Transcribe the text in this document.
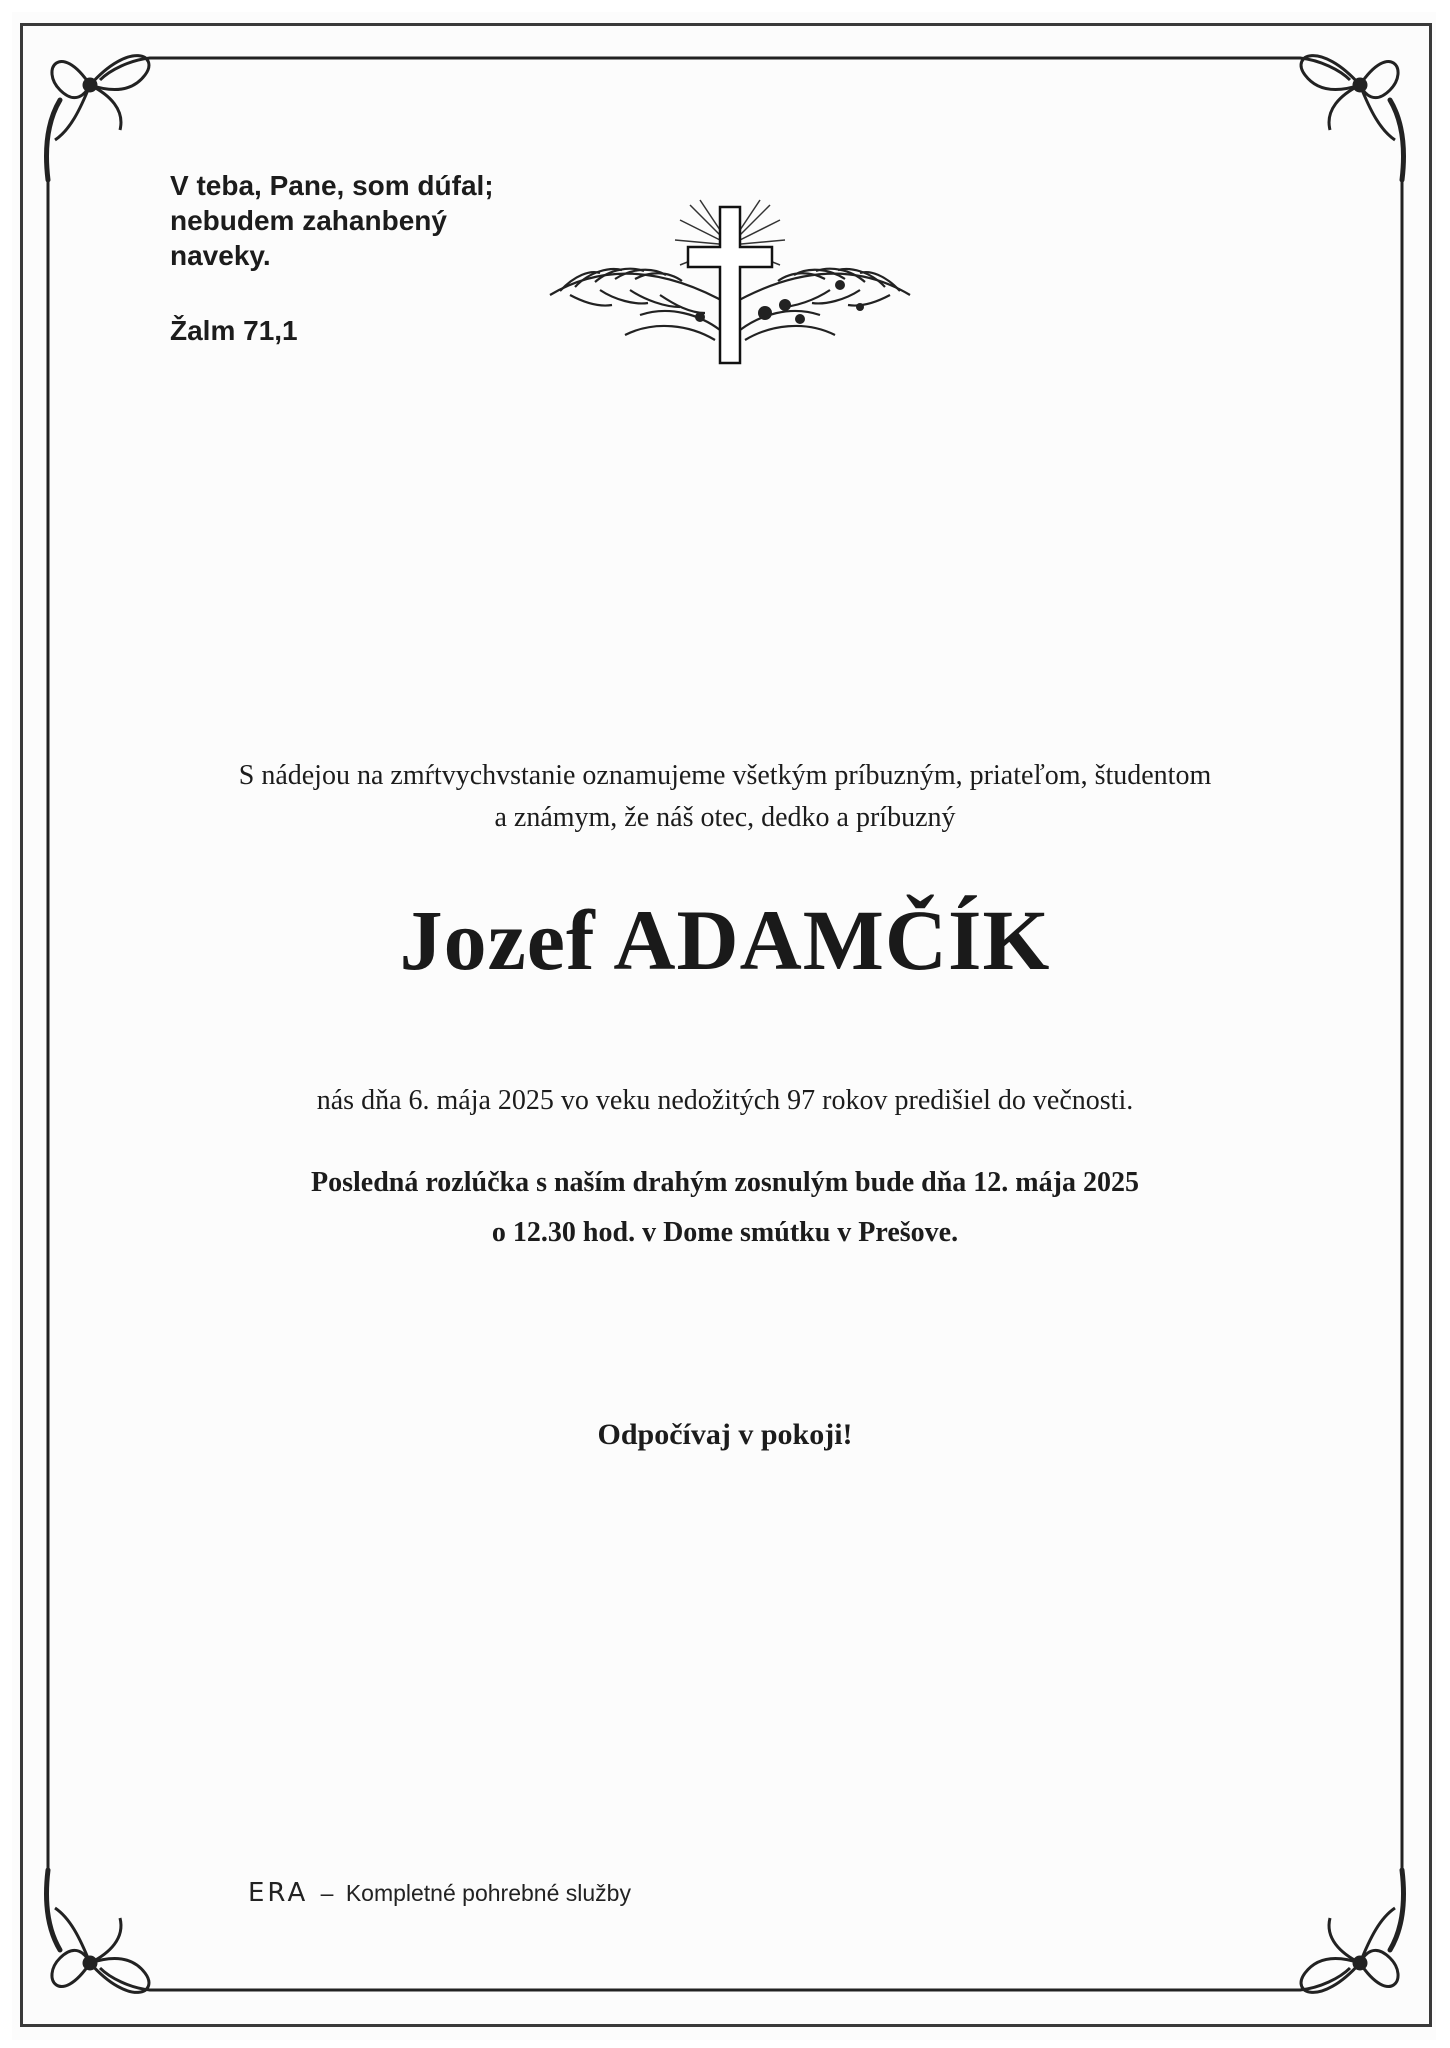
V teba, Pane, som dúfal;
nebudem zahanbený
naveky.
Žalm 71,1
S nádejou na zmŕtvychvstanie oznamujeme všetkým príbuzným, priateľom, študentom
a známym, že náš otec, dedko a príbuzný
Jozef ADAMČÍK
nás dňa 6. mája 2025 vo veku nedožitých 97 rokov predišiel do večnosti.
Posledná rozlúčka s naším drahým zosnulým bude dňa 12. mája 2025
o 12.30 hod. v Dome smútku v Prešove.
Odpočívaj v pokoji!
ERA – Kompletné pohrebné služby
